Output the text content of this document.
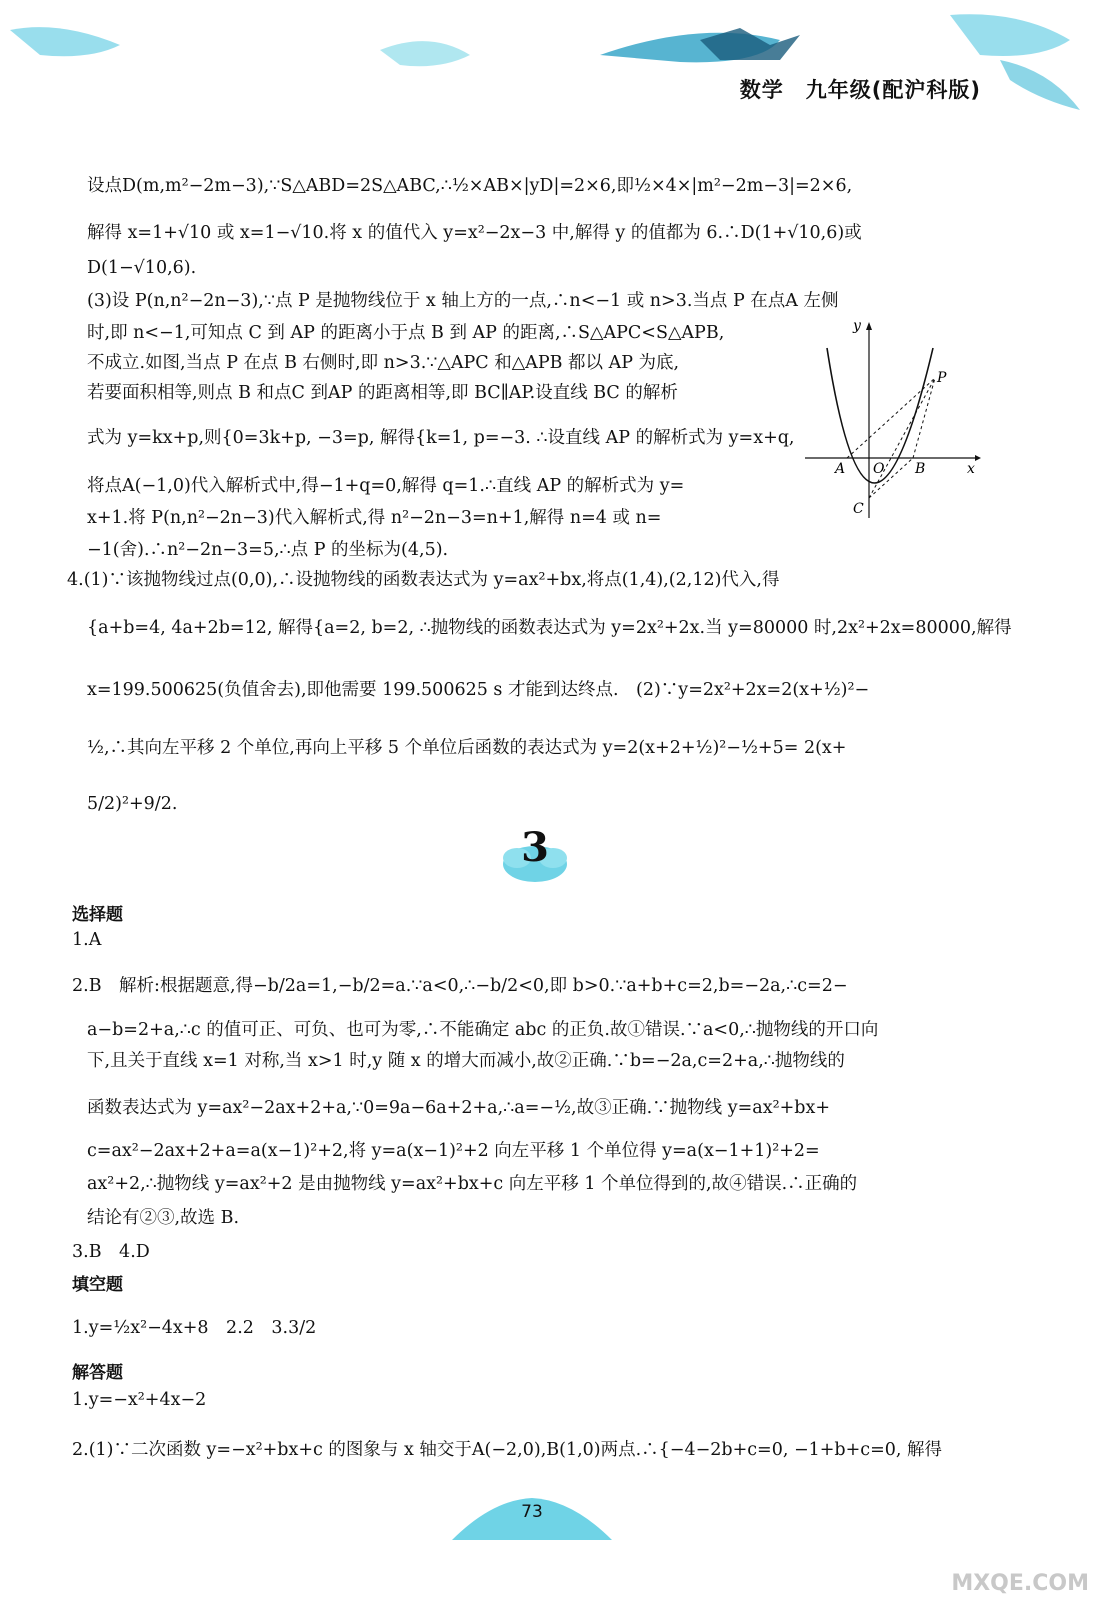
数学　九年级(配沪科版)
设点D(m,m²−2m−3),∵S△ABD=2S△ABC,∴½×AB×|yD|=2×6,即½×4×|m²−2m−3|=2×6,
解得 x=1+√10 或 x=1−√10.将 x 的值代入 y=x²−2x−3 中,解得 y 的值都为 6.∴D(1+√10,6)或
D(1−√10,6).
(3)设 P(n,n²−2n−3),∵点 P 是抛物线位于 x 轴上方的一点,∴n<−1 或 n>3.当点 P 在点A 左侧
时,即 n<−1,可知点 C 到 AP 的距离小于点 B 到 AP 的距离,∴S△APC<S△APB,
不成立.如图,当点 P 在点 B 右侧时,即 n>3.∵△APC 和△APB 都以 AP 为底,
若要面积相等,则点 B 和点C 到AP 的距离相等,即 BC∥AP.设直线 BC 的解析
式为 y=kx+p,则{0=3k+p, −3=p, 解得{k=1, p=−3. ∴设直线 AP 的解析式为 y=x+q,
将点A(−1,0)代入解析式中,得−1+q=0,解得 q=1.∴直线 AP 的解析式为 y=
x+1.将 P(n,n²−2n−3)代入解析式,得 n²−2n−3=n+1,解得 n=4 或 n=
−1(舍).∴n²−2n−3=5,∴点 P 的坐标为(4,5).
4.(1)∵该抛物线过点(0,0),∴设抛物线的函数表达式为 y=ax²+bx,将点(1,4),(2,12)代入,得
{a+b=4, 4a+2b=12, 解得{a=2, b=2, ∴抛物线的函数表达式为 y=2x²+2x.当 y=80000 时,2x²+2x=80000,解得
x=199.500625(负值舍去),即他需要 199.500625 s 才能到达终点.　(2)∵y=2x²+2x=2(x+½)²−
½,∴其向左平移 2 个单位,再向上平移 5 个单位后函数的表达式为 y=2(x+2+½)²−½+5= 2(x+
5/2)²+9/2.
y
x
A O B
C
P
3
选择题
1.A
2.B　解析:根据题意,得−b/2a=1,−b/2=a.∵a<0,∴−b/2<0,即 b>0.∵a+b+c=2,b=−2a,∴c=2−
a−b=2+a,∴c 的值可正、可负、也可为零,∴不能确定 abc 的正负.故①错误.∵a<0,∴抛物线的开口向
下,且关于直线 x=1 对称,当 x>1 时,y 随 x 的增大而减小,故②正确.∵b=−2a,c=2+a,∴抛物线的
函数表达式为 y=ax²−2ax+2+a,∵0=9a−6a+2+a,∴a=−½,故③正确.∵抛物线 y=ax²+bx+
c=ax²−2ax+2+a=a(x−1)²+2,将 y=a(x−1)²+2 向左平移 1 个单位得 y=a(x−1+1)²+2=
ax²+2,∴抛物线 y=ax²+2 是由抛物线 y=ax²+bx+c 向左平移 1 个单位得到的,故④错误.∴正确的
结论有②③,故选 B.
3.B　4.D
填空题
1.y=½x²−4x+8　2.2　3.3/2
解答题
1.y=−x²+4x−2
2.(1)∵二次函数 y=−x²+bx+c 的图象与 x 轴交于A(−2,0),B(1,0)两点.∴{−4−2b+c=0, −1+b+c=0, 解得
73
MXQE.COM
